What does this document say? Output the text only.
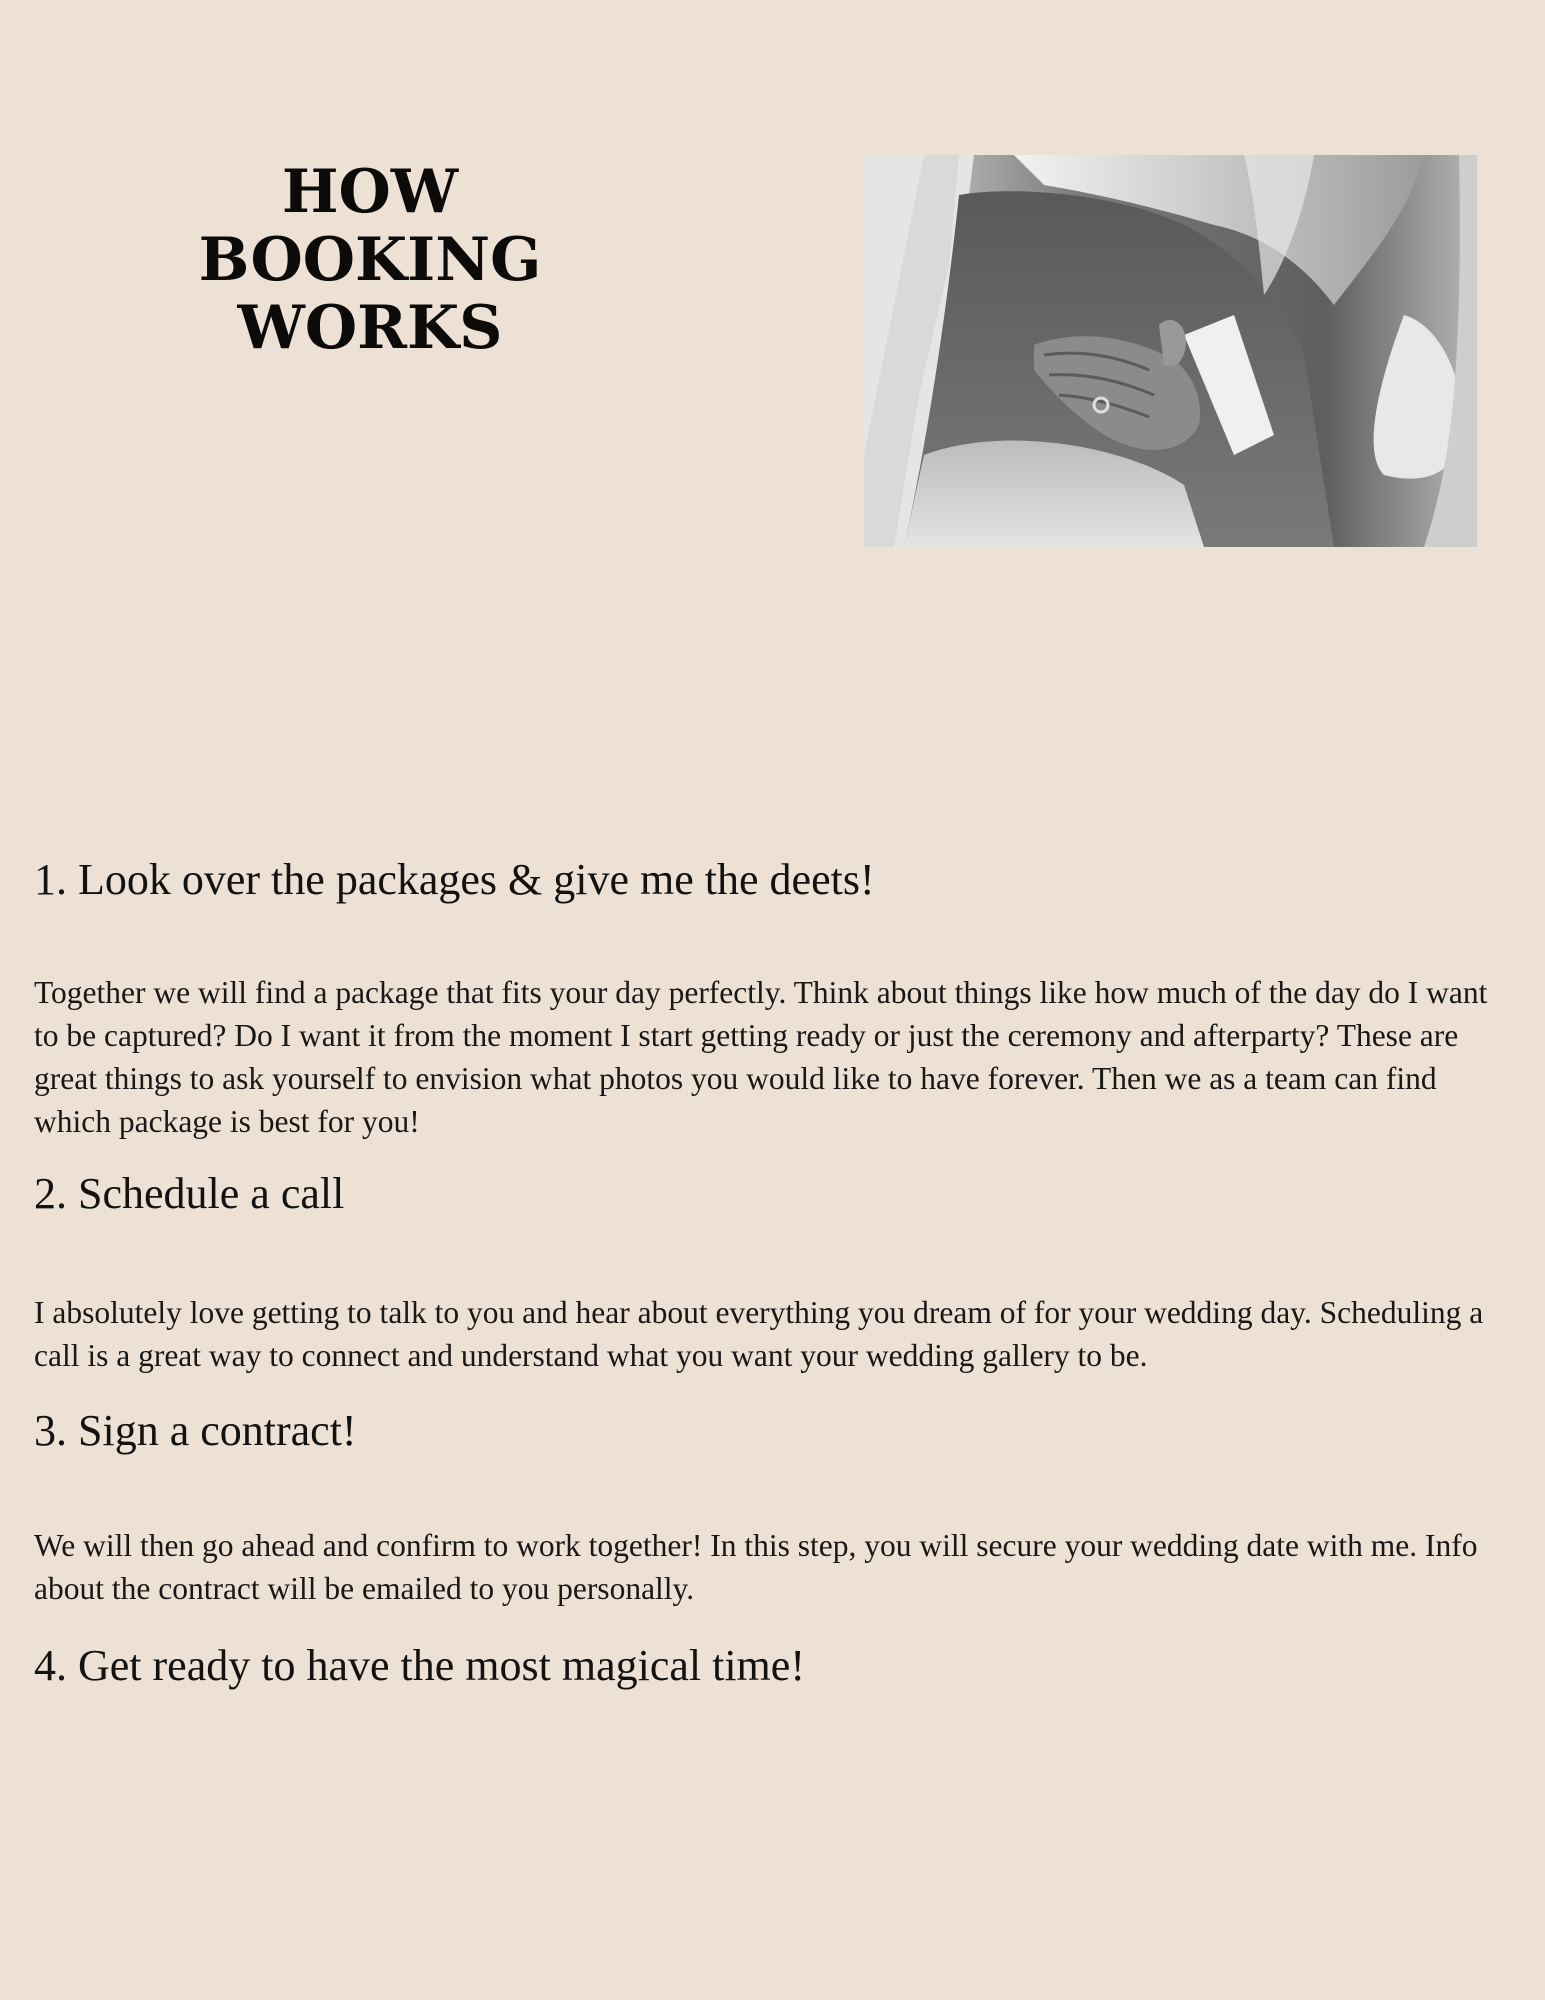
HOW BOOKING
WORKS
1. Look over the packages & give me the deets!

Together we will find a package that fits your day perfectly. Think about things like how much of the day do I want to be captured? Do I want it from the moment I start getting ready or just the ceremony and afterparty? These are great things to ask yourself to envision what photos you would like to have forever. Then we as a team can find which package is best for you!

2. Schedule a call

I absolutely love getting to talk to you and hear about everything you dream of for your wedding day. Scheduling a call is a great way to connect and understand what you want your wedding gallery to be.

3. Sign a contract!

We will then go ahead and confirm to work together! In this step, you will secure your wedding date with me. Info about the contract will be emailed to you personally.

4. Get ready to have the most magical time!
